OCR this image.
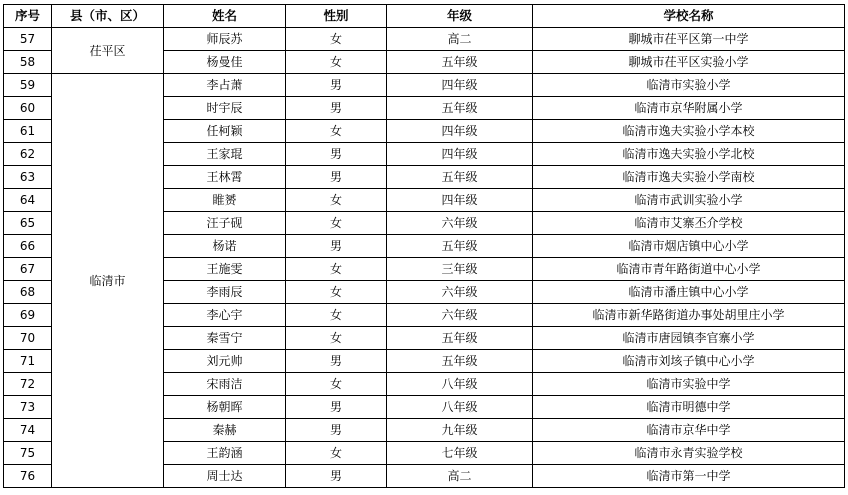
序号	县（市、区）	姓名	性别	年级	学校名称
57	茌平区	师辰苏	女	高二	聊城市茌平区第一中学
58		杨曼佳	女	五年级	聊城市茌平区实验小学
59	临清市	李占萧	男	四年级	临清市实验小学
60		时宇辰	男	五年级	临清市京华附属小学
61		任柯颖	女	四年级	临清市逸夫实验小学本校
62		王家琨	男	四年级	临清市逸夫实验小学北校
63		王林霄	男	五年级	临清市逸夫实验小学南校
64		睢赟	女	四年级	临清市武训实验小学
65		汪子砚	女	六年级	临清市艾寨丕介学校
66		杨诺	男	五年级	临清市烟店镇中心小学
67		王施雯	女	三年级	临清市青年路街道中心小学
68		李雨辰	女	六年级	临清市潘庄镇中心小学
69		李心宇	女	六年级	临清市新华路街道办事处胡里庄小学
70		秦雪宁	女	五年级	临清市唐园镇李官寨小学
71		刘元帅	男	五年级	临清市刘垓子镇中心小学
72		宋雨洁	女	八年级	临清市实验中学
73		杨朝晖	男	八年级	临清市明德中学
74		秦赫	男	九年级	临清市京华中学
75		王韵涵	女	七年级	临清市永青实验学校
76		周士达	男	高二	临清市第一中学
